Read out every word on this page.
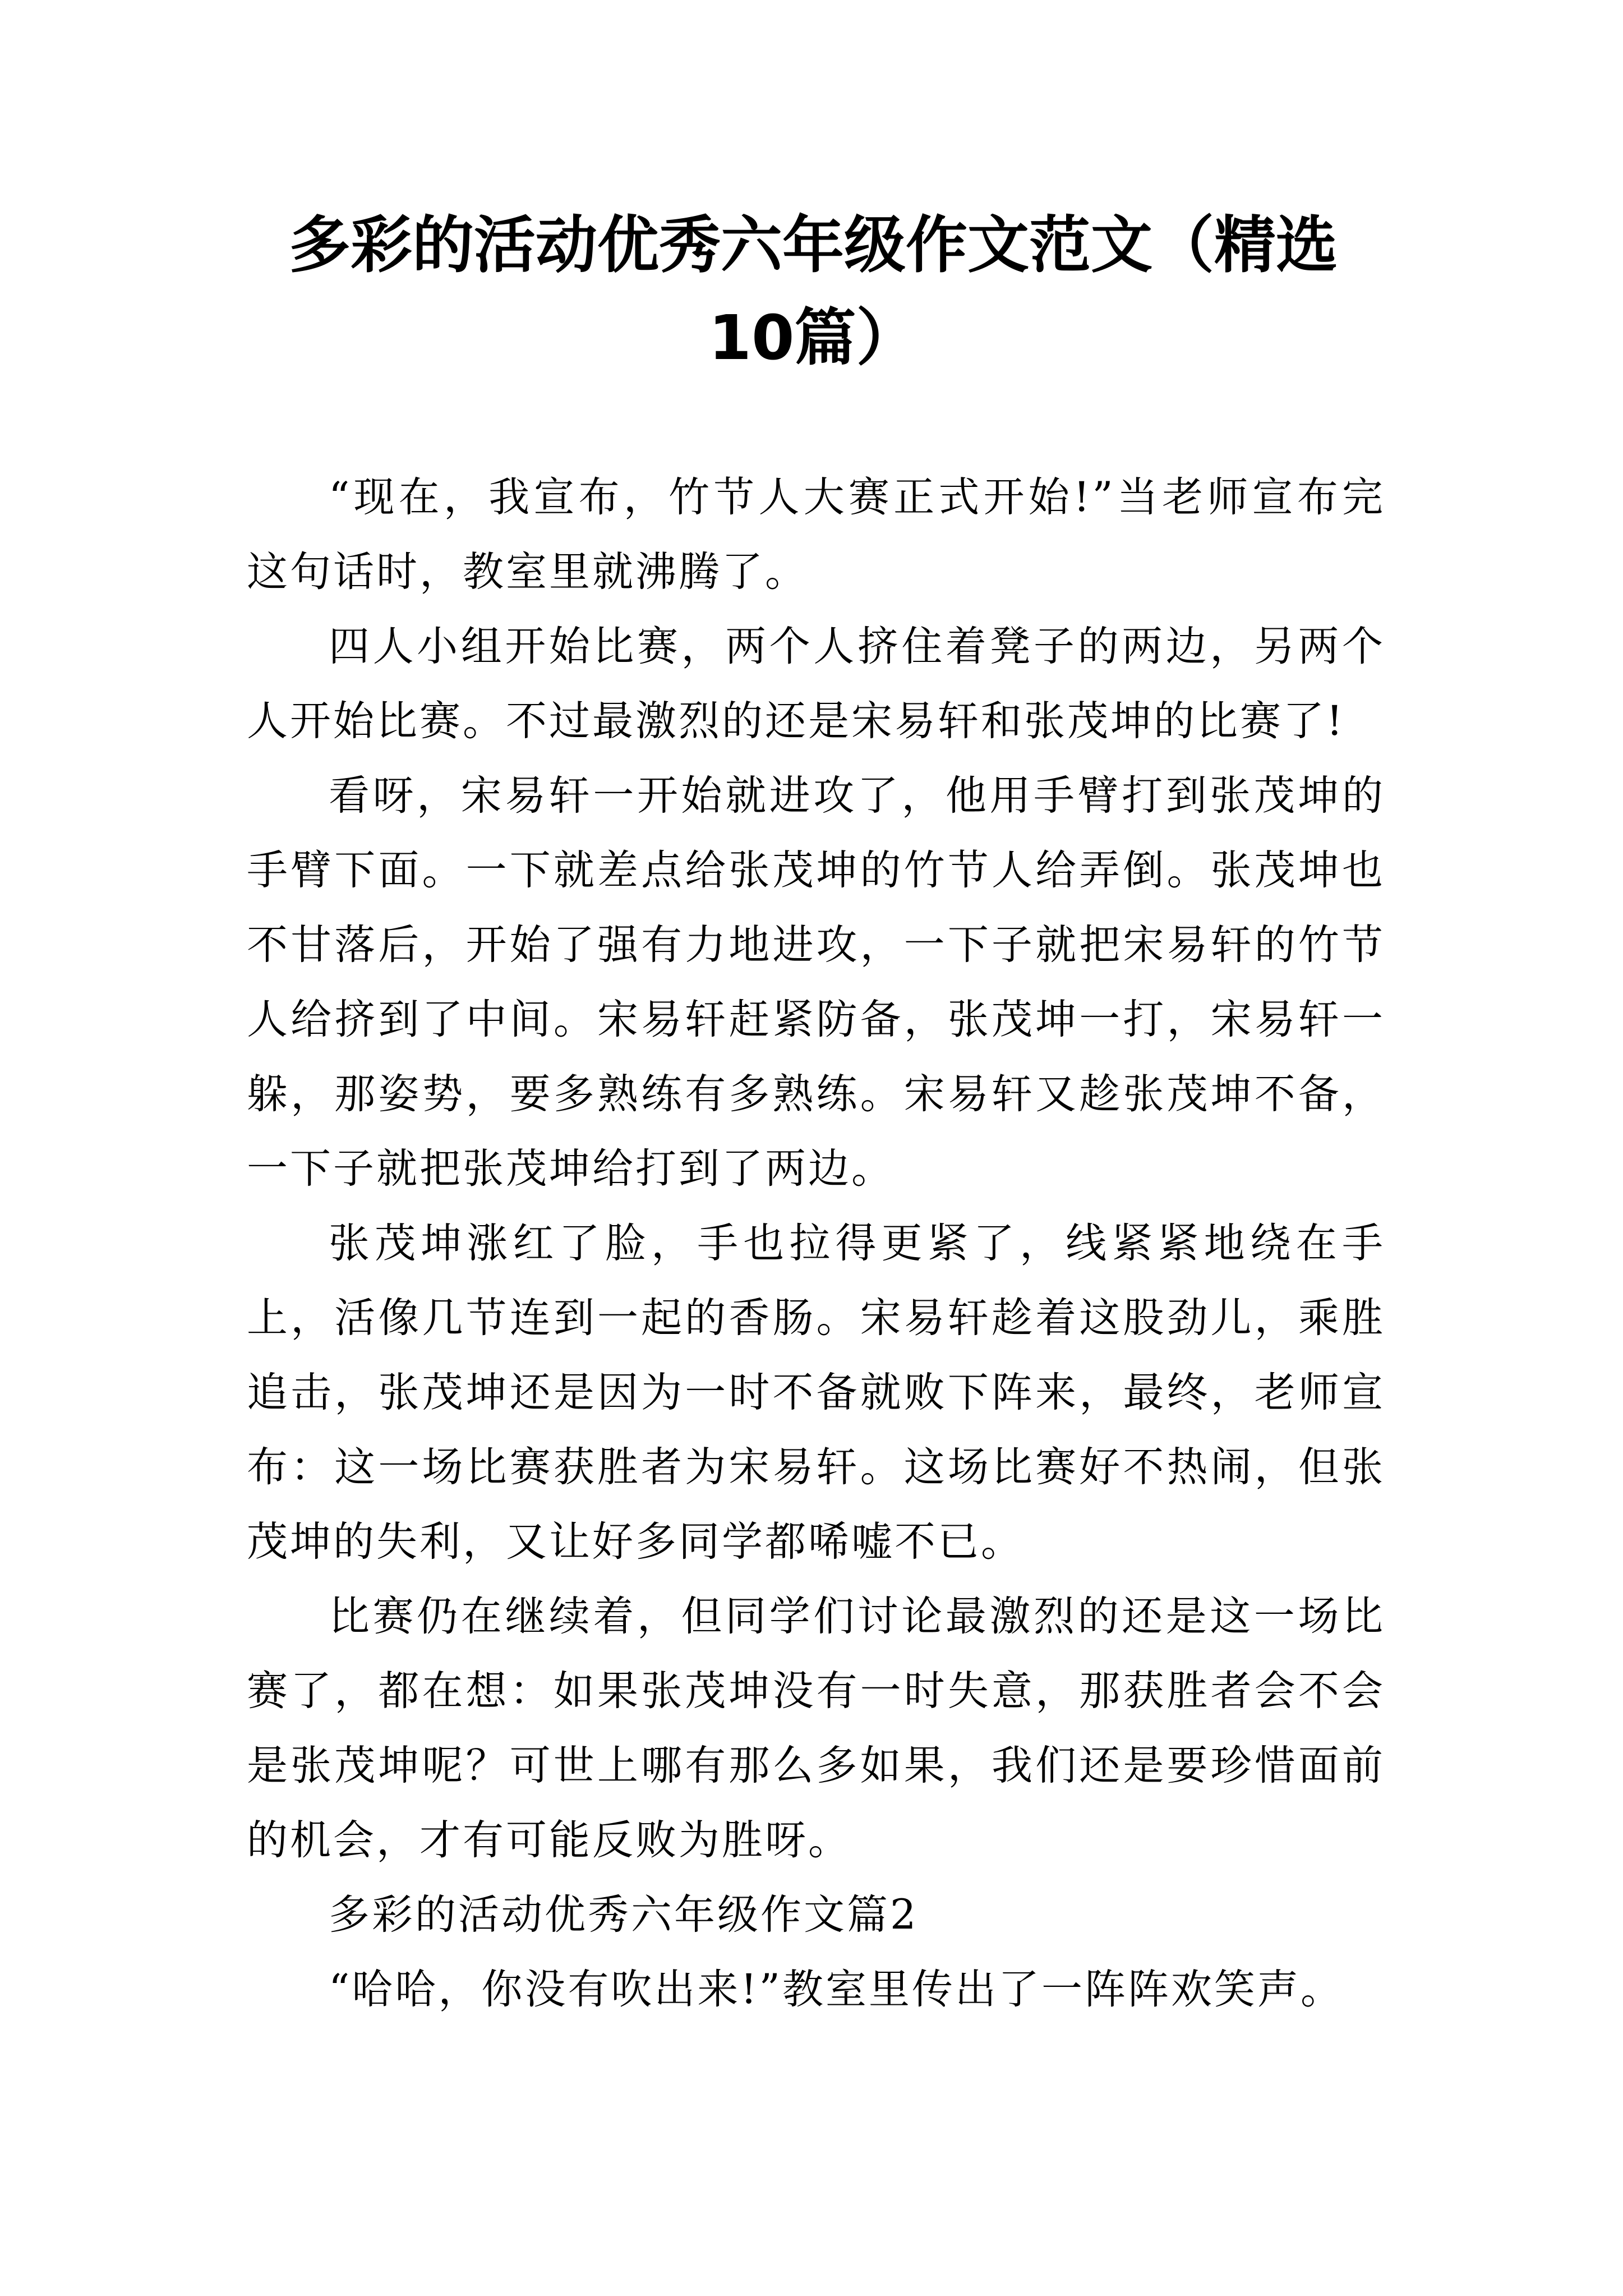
多彩的活动优秀六年级作文范文（精选10篇）

“现在，我宣布，竹节人大赛正式开始!”当老师宣布完这句话时，教室里就沸腾了。

四人小组开始比赛，两个人挤住着凳子的两边，另两个人开始比赛。不过最激烈的还是宋易轩和张茂坤的比赛了!

看呀，宋易轩一开始就进攻了，他用手臂打到张茂坤的手臂下面。一下就差点给张茂坤的竹节人给弄倒。张茂坤也不甘落后，开始了强有力地进攻，一下子就把宋易轩的竹节人给挤到了中间。宋易轩赶紧防备，张茂坤一打，宋易轩一躲，那姿势，要多熟练有多熟练。宋易轩又趁张茂坤不备，一下子就把张茂坤给打到了两边。

张茂坤涨红了脸，手也拉得更紧了，线紧紧地绕在手上，活像几节连到一起的香肠。宋易轩趁着这股劲儿，乘胜追击，张茂坤还是因为一时不备就败下阵来，最终，老师宣布：这一场比赛获胜者为宋易轩。这场比赛好不热闹，但张茂坤的失利，又让好多同学都唏嘘不已。

比赛仍在继续着，但同学们讨论最激烈的还是这一场比赛了，都在想：如果张茂坤没有一时失意，那获胜者会不会是张茂坤呢？可世上哪有那么多如果，我们还是要珍惜面前的机会，才有可能反败为胜呀。

多彩的活动优秀六年级作文篇2

“哈哈，你没有吹出来!”教室里传出了一阵阵欢笑声。
